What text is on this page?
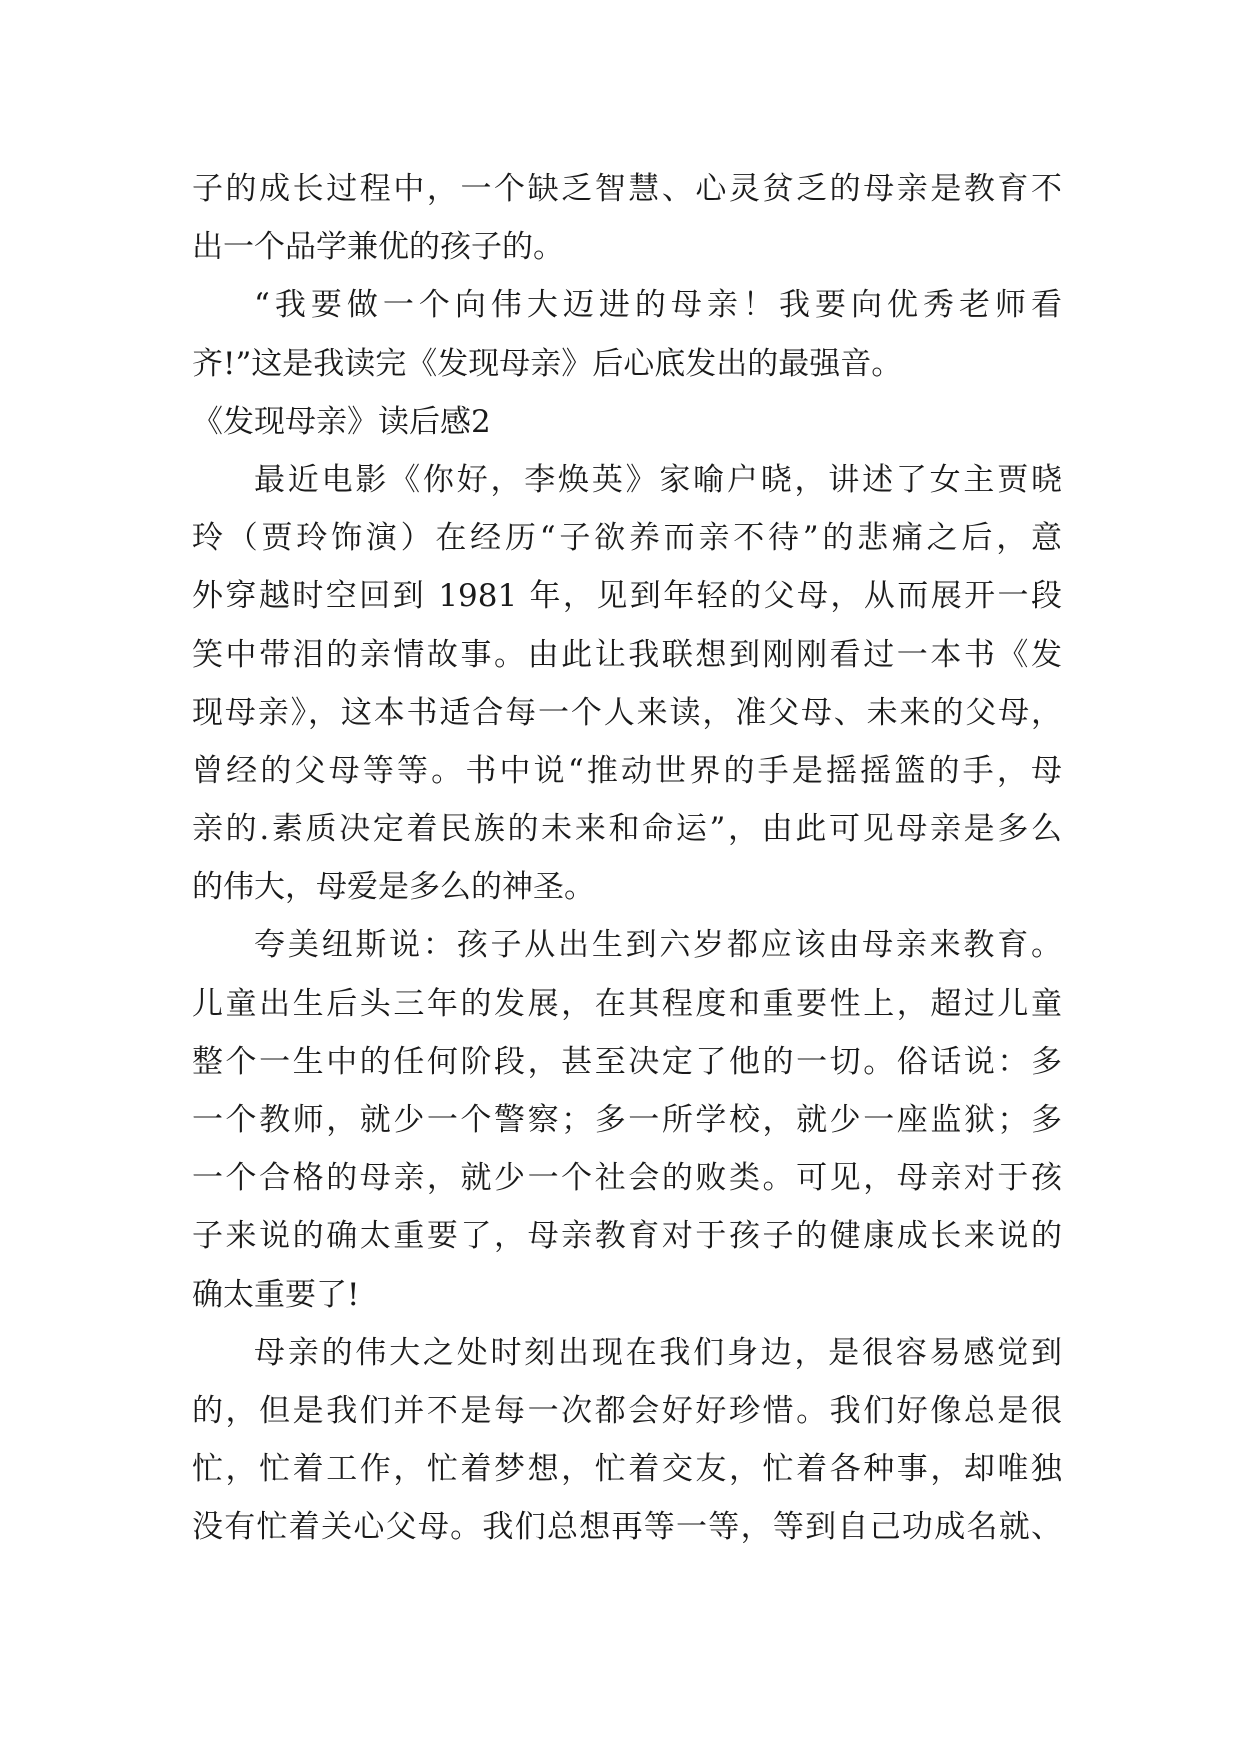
子的成长过程中，一个缺乏智慧、心灵贫乏的母亲是教育不
出一个品学兼优的孩子的。
“我要做一个向伟大迈进的母亲！我要向优秀老师看
齐!”这是我读完《发现母亲》后心底发出的最强音。
《发现母亲》读后感2
最近电影《你好，李焕英》家喻户晓，讲述了女主贾晓
玲（贾玲饰演）在经历“子欲养而亲不待”的悲痛之后，意
外穿越时空回到 1981 年，见到年轻的父母，从而展开一段
笑中带泪的亲情故事。由此让我联想到刚刚看过一本书《发
现母亲》，这本书适合每一个人来读，准父母、未来的父母，
曾经的父母等等。书中说“推动世界的手是摇摇篮的手，母
亲的.素质决定着民族的未来和命运”，由此可见母亲是多么
的伟大，母爱是多么的神圣。
夸美纽斯说：孩子从出生到六岁都应该由母亲来教育。
儿童出生后头三年的发展，在其程度和重要性上，超过儿童
整个一生中的任何阶段，甚至决定了他的一切。俗话说：多
一个教师，就少一个警察；多一所学校，就少一座监狱；多
一个合格的母亲，就少一个社会的败类。可见，母亲对于孩
子来说的确太重要了，母亲教育对于孩子的健康成长来说的
确太重要了!
母亲的伟大之处时刻出现在我们身边，是很容易感觉到
的，但是我们并不是每一次都会好好珍惜。我们好像总是很
忙，忙着工作，忙着梦想，忙着交友，忙着各种事，却唯独
没有忙着关心父母。我们总想再等一等，等到自己功成名就、
